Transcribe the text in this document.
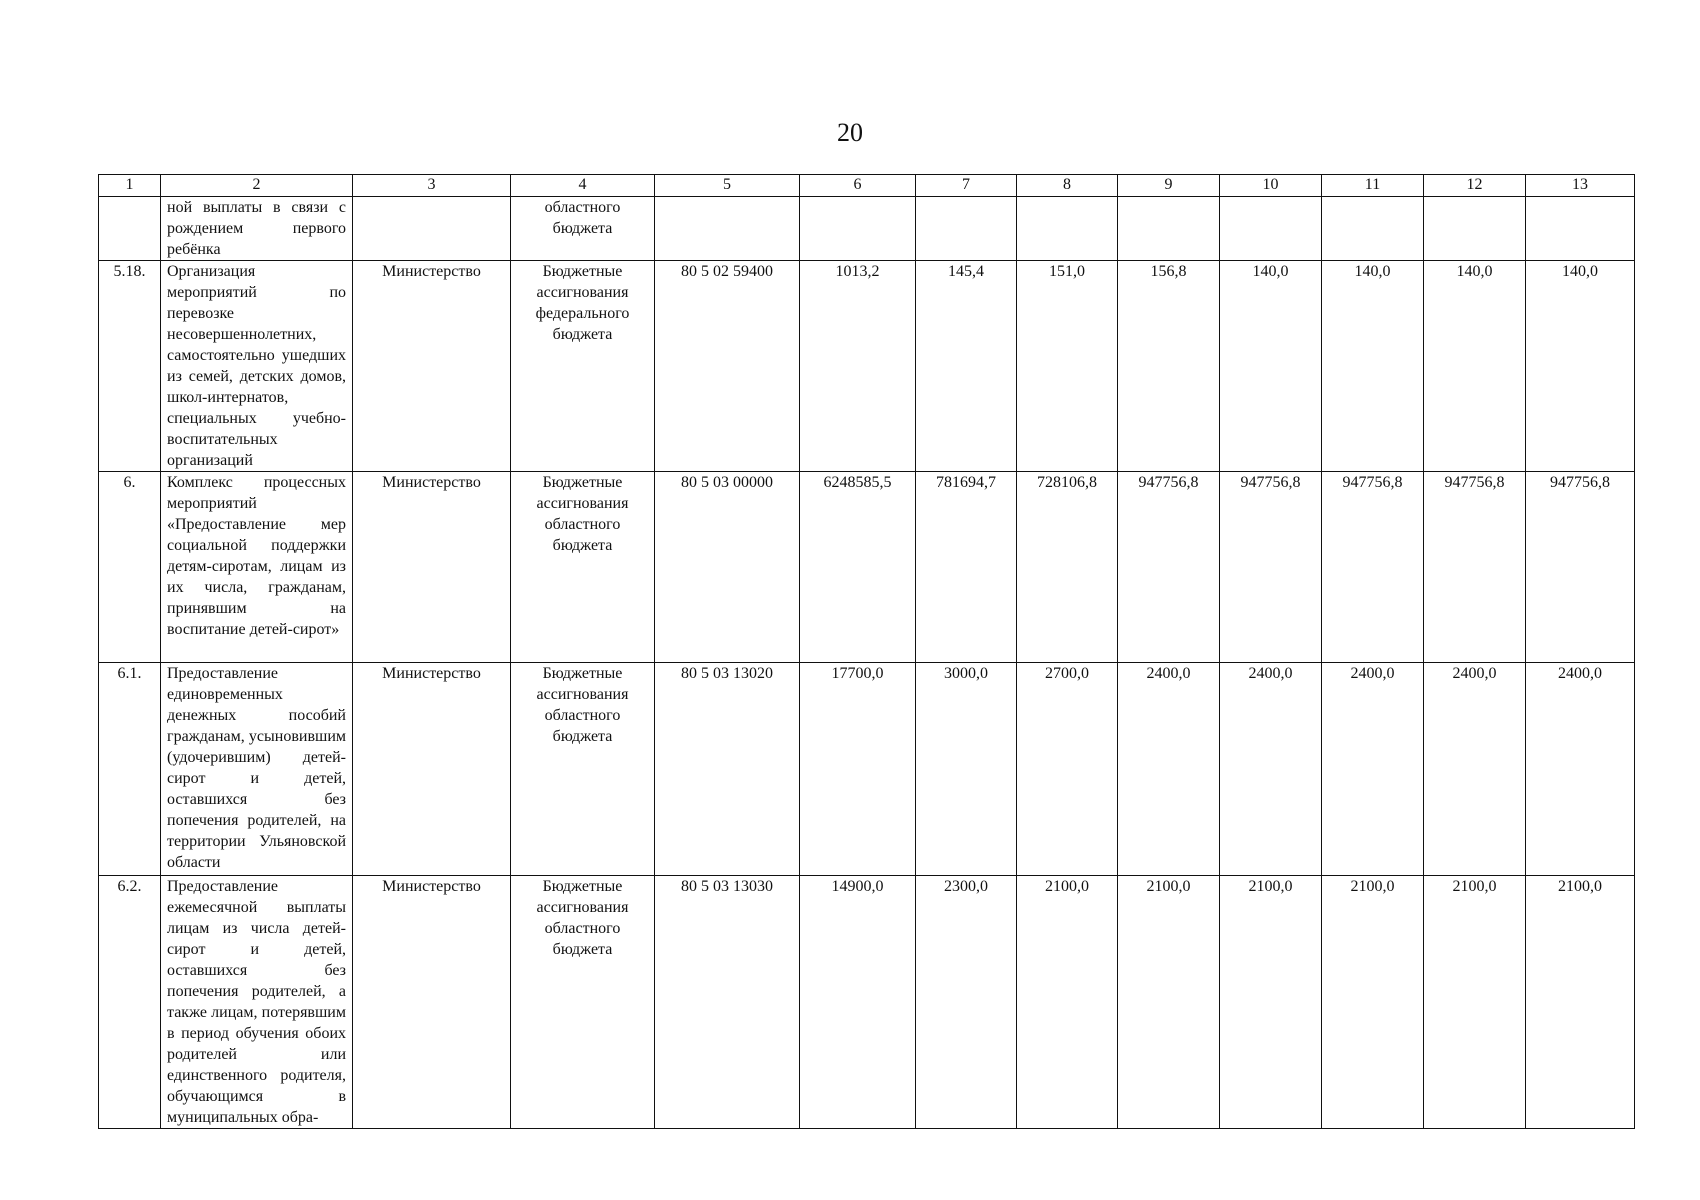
20
1	2	3	4	5	6	7	8	9	10	11	12	13
	ной выплаты в связи с рождением первого ребёнка		областного бюджета									
5.18.	Организация мероприятий по перевозке несовершеннолетних, самостоятельно ушедших из семей, детских домов, школ-интернатов, специальных учебно-воспитательных организаций	Министерство	Бюджетные ассигнования федерального бюджета	80 5 02 59400	1013,2	145,4	151,0	156,8	140,0	140,0	140,0	140,0
6.	Комплекс процессных мероприятий «Предоставление мер социальной поддержки детям-сиротам, лицам из их числа, гражданам, принявшим на воспитание детей-сирот»	Министерство	Бюджетные ассигнования областного бюджета	80 5 03 00000	6248585,5	781694,7	728106,8	947756,8	947756,8	947756,8	947756,8	947756,8
6.1.	Предоставление единовременных денежных пособий гражданам, усыновившим (удочерившим) детей-сирот и детей, оставшихся без попечения родителей, на территории Ульяновской области	Министерство	Бюджетные ассигнования областного бюджета	80 5 03 13020	17700,0	3000,0	2700,0	2400,0	2400,0	2400,0	2400,0	2400,0
6.2.	Предоставление ежемесячной выплаты лицам из числа детей-сирот и детей, оставшихся без попечения родителей, а также лицам, потерявшим в период обучения обоих родителей или единственного родителя, обучающимся в муниципальных обра-	Министерство	Бюджетные ассигнования областного бюджета	80 5 03 13030	14900,0	2300,0	2100,0	2100,0	2100,0	2100,0	2100,0	2100,0
